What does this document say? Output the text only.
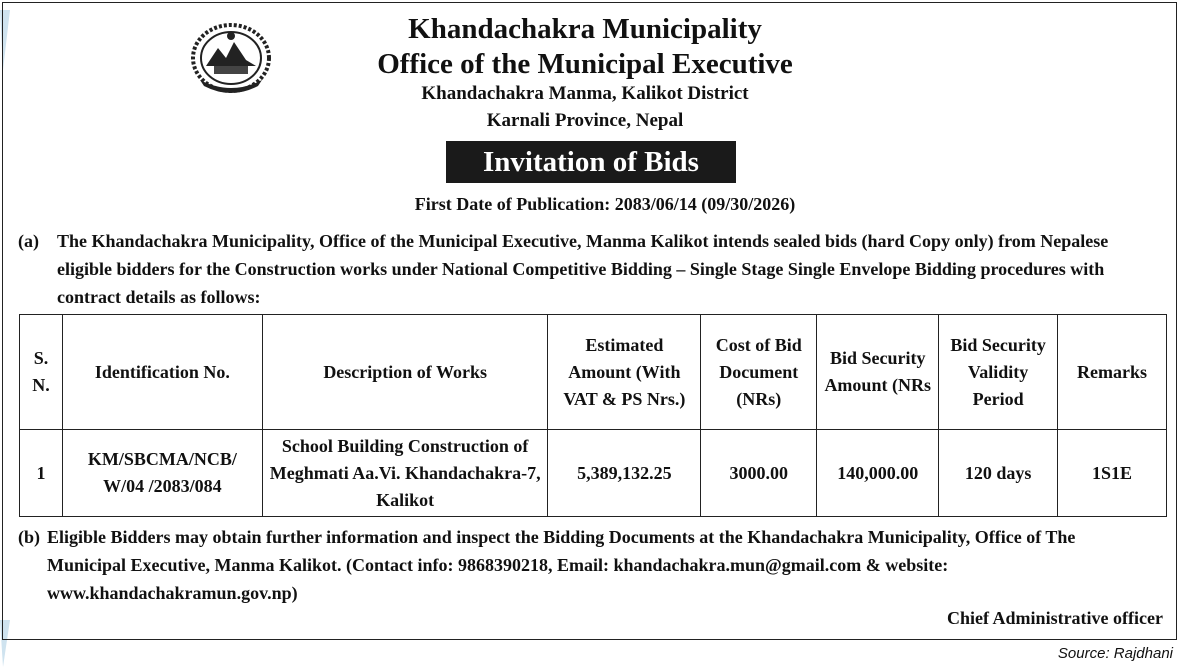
Khandachakra Municipality
Office of the Municipal Executive
Khandachakra Manma, Kalikot District
Karnali Province, Nepal
Invitation of Bids
First Date of Publication: 2083/06/14 (09/30/2026)
(a) The Khandachakra Municipality, Office of the Municipal Executive, Manma Kalikot intends sealed bids (hard Copy only) from Nepalese eligible bidders for the Construction works under National Competitive Bidding – Single Stage Single Envelope Bidding procedures with contract details as follows:

S. N.	Identification No.	Description of Works	Estimated Amount (With VAT & PS Nrs.)	Cost of Bid Document (NRs)	Bid Security Amount (NRs	Bid Security Validity Period	Remarks
1	KM/SBCMA/NCB/ W/04 /2083/084	School Building Construction of Meghmati Aa.Vi. Khandachakra-7, Kalikot	5,389,132.25	3000.00	140,000.00	120 days	1S1E
(b) Eligible Bidders may obtain further information and inspect the Bidding Documents at the Khandachakra Municipality, Office of The Municipal Executive, Manma Kalikot. (Contact info: 9868390218, Email: khandachakra.mun@gmail.com & website: www.khandachakramun.gov.np)

Chief Administrative officer
Source: Rajdhani
